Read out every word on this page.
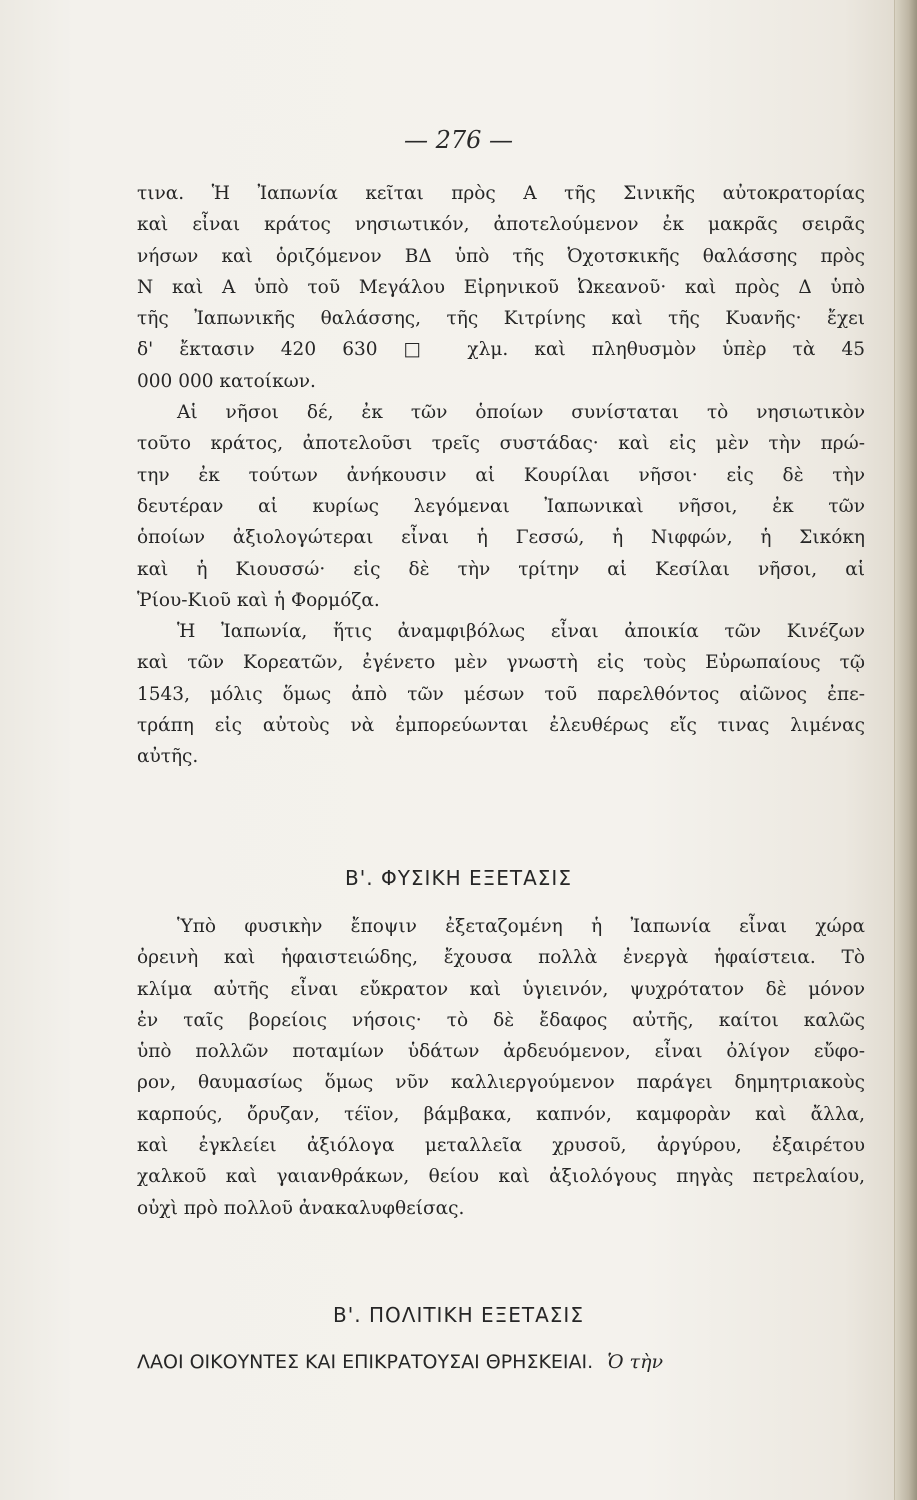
— 276 —
τινα. Ἡ Ἰαπωνία κεῖται πρὸς Α τῆς Σινικῆς αὐτοκρατορίας
καὶ εἶναι κράτος νησιωτικόν, ἀποτελούμενον ἐκ μακρᾶς σειρᾶς
νήσων καὶ ὁριζόμενον ΒΔ ὑπὸ τῆς Ὀχοτσκικῆς θαλάσσης πρὸς
Ν καὶ Α ὑπὸ τοῦ Μεγάλου Εἰρηνικοῦ Ὠκεανοῦ· καὶ πρὸς Δ ὑπὸ
τῆς Ἰαπωνικῆς θαλάσσης, τῆς Κιτρίνης καὶ τῆς Κυανῆς· ἔχει
δ' ἔκτασιν 420 630 □ χλμ. καὶ πληθυσμὸν ὑπὲρ τὰ 45
000 000 κατοίκων.
Αἱ νῆσοι δέ, ἐκ τῶν ὁποίων συνίσταται τὸ νησιωτικὸν
τοῦτο κράτος, ἀποτελοῦσι τρεῖς συστάδας· καὶ εἰς μὲν τὴν πρώ-
την ἐκ τούτων ἀνήκουσιν αἱ Κουρίλαι νῆσοι· εἰς δὲ τὴν
δευτέραν αἱ κυρίως λεγόμεναι Ἰαπωνικαὶ νῆσοι, ἐκ τῶν
ὁποίων ἀξιολογώτεραι εἶναι ἡ Γεσσώ, ἡ Νιφφών, ἡ Σικόκη
καὶ ἡ Κιουσσώ· εἰς δὲ τὴν τρίτην αἱ Κεσίλαι νῆσοι, αἱ
Ῥίου-Κιοῦ καὶ ἡ Φορμόζα.
Ἡ Ἰαπωνία, ἥτις ἀναμφιβόλως εἶναι ἀποικία τῶν Κινέζων
καὶ τῶν Κορεατῶν, ἐγένετο μὲν γνωστὴ εἰς τοὺς Εὐρωπαίους τῷ
1543, μόλις ὅμως ἀπὸ τῶν μέσων τοῦ παρελθόντος αἰῶνος ἐπε-
τράπη εἰς αὐτοὺς νὰ ἐμπορεύωνται ἐλευθέρως εἴς τινας λιμένας
αὐτῆς.
Β'. ΦΥΣΙΚΗ ΕΞΕΤΑΣΙΣ
Ὑπὸ φυσικὴν ἔποψιν ἐξεταζομένη ἡ Ἰαπωνία εἶναι χώρα
ὀρεινὴ καὶ ἡφαιστειώδης, ἔχουσα πολλὰ ἐνεργὰ ἡφαίστεια. Τὸ
κλίμα αὐτῆς εἶναι εὔκρατον καὶ ὑγιεινόν, ψυχρότατον δὲ μόνον
ἐν ταῖς βορείοις νήσοις· τὸ δὲ ἔδαφος αὐτῆς, καίτοι καλῶς
ὑπὸ πολλῶν ποταμίων ὑδάτων ἀρδευόμενον, εἶναι ὀλίγον εὔφο-
ρον, θαυμασίως ὅμως νῦν καλλιεργούμενον παράγει δημητριακοὺς
καρπούς, ὄρυζαν, τέϊον, βάμβακα, καπνόν, καμφορὰν καὶ ἄλλα,
καὶ ἐγκλείει ἀξιόλογα μεταλλεῖα χρυσοῦ, ἀργύρου, ἐξαιρέτου
χαλκοῦ καὶ γαιανθράκων, θείου καὶ ἀξιολόγους πηγὰς πετρελαίου,
οὐχὶ πρὸ πολλοῦ ἀνακαλυφθείσας.
Β'. ΠΟΛΙΤΙΚΗ ΕΞΕΤΑΣΙΣ
ΛΑΟΙ ΟΙΚΟΥΝΤΕΣ ΚΑΙ ΕΠΙΚΡΑΤΟΥΣΑΙ ΘΡΗΣΚΕΙΑΙ. Ὁ τὴν
